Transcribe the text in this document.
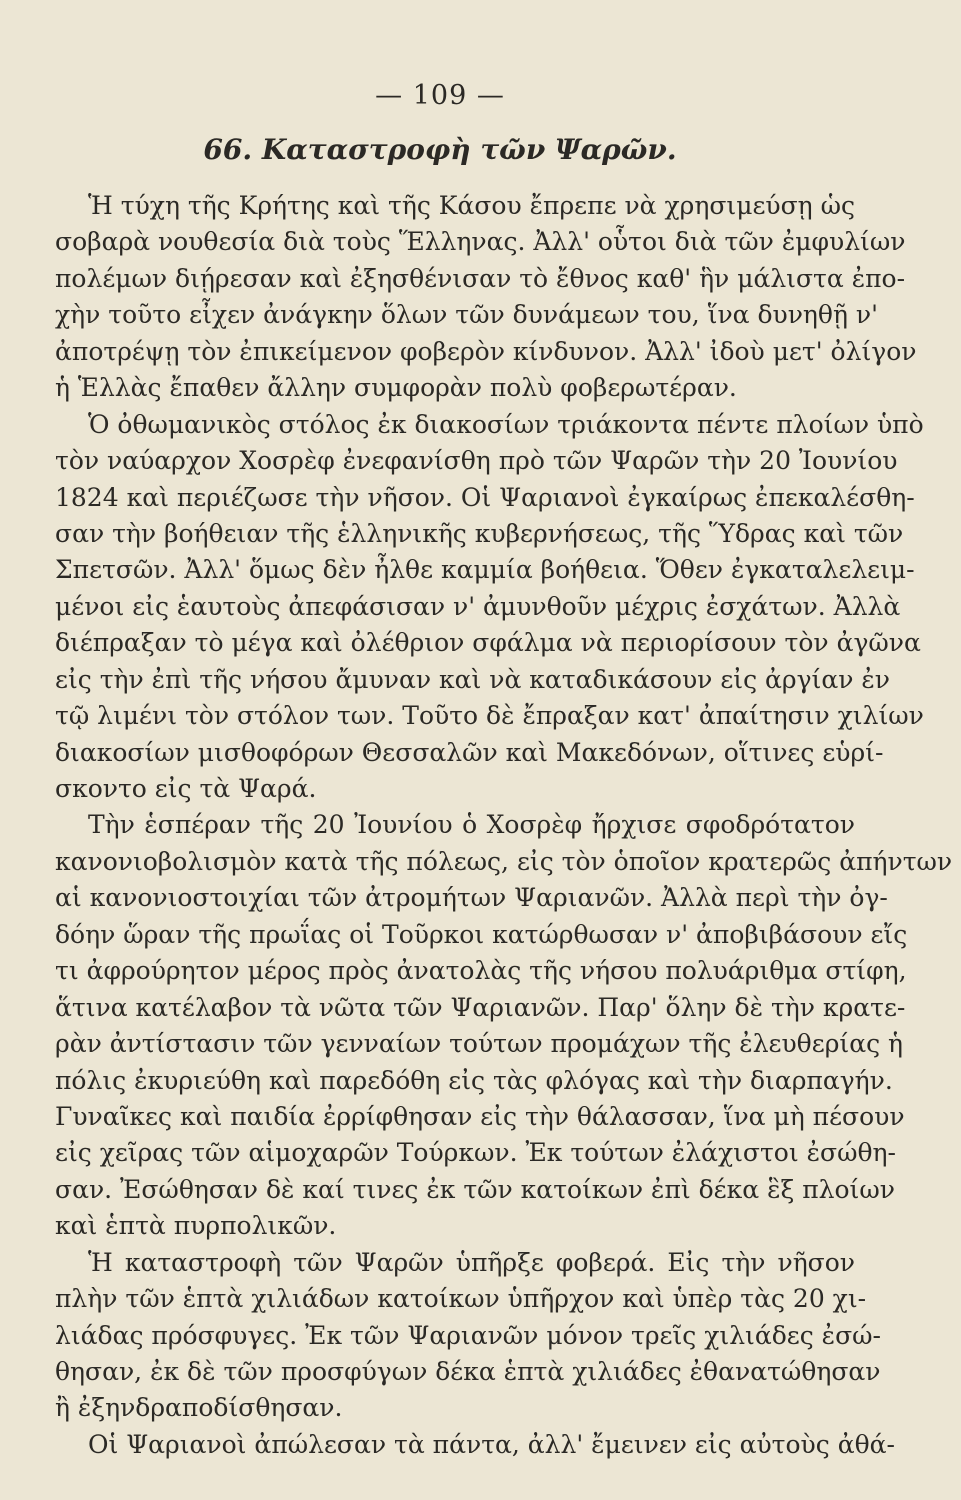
— 109 —
66. Καταστροφὴ τῶν Ψαρῶν.
Ἡ τύχη τῆς Κρήτης καὶ τῆς Κάσου ἔπρεπε νὰ χρησιμεύσῃ ὡς
σοβαρὰ νουθεσία διὰ τοὺς Ἕλληνας. Ἀλλ' οὗτοι διὰ τῶν ἐμφυλίων
πολέμων διῄρεσαν καὶ ἐξησθένισαν τὸ ἔθνος καθ' ἣν μάλιστα ἐπο-
χὴν τοῦτο εἶχεν ἀνάγκην ὅλων τῶν δυνάμεων του, ἵνα δυνηθῇ ν'
ἀποτρέψῃ τὸν ἐπικείμενον φοβερὸν κίνδυνον. Ἀλλ' ἰδοὺ μετ' ὀλίγον
ἡ Ἑλλὰς ἔπαθεν ἄλλην συμφορὰν πολὺ φοβερωτέραν.
Ὁ ὀθωμανικὸς στόλος ἐκ διακοσίων τριάκοντα πέντε πλοίων ὑπὸ
τὸν ναύαρχον Χοσρὲφ ἐνεφανίσθη πρὸ τῶν Ψαρῶν τὴν 20 Ἰουνίου
1824 καὶ περιέζωσε τὴν νῆσον. Οἱ Ψαριανοὶ ἐγκαίρως ἐπεκαλέσθη-
σαν τὴν βοήθειαν τῆς ἑλληνικῆς κυβερνήσεως, τῆς Ὕδρας καὶ τῶν
Σπετσῶν. Ἀλλ' ὅμως δὲν ἦλθε καμμία βοήθεια. Ὅθεν ἐγκαταλελειμ-
μένοι εἰς ἑαυτοὺς ἀπεφάσισαν ν' ἀμυνθοῦν μέχρις ἐσχάτων. Ἀλλὰ
διέπραξαν τὸ μέγα καὶ ὀλέθριον σφάλμα νὰ περιορίσουν τὸν ἀγῶνα
εἰς τὴν ἐπὶ τῆς νήσου ἄμυναν καὶ νὰ καταδικάσουν εἰς ἀργίαν ἐν
τῷ λιμένι τὸν στόλον των. Τοῦτο δὲ ἔπραξαν κατ' ἀπαίτησιν χιλίων
διακοσίων μισθοφόρων Θεσσαλῶν καὶ Μακεδόνων, οἵτινες εὑρί-
σκοντο εἰς τὰ Ψαρά.
Τὴν ἑσπέραν τῆς 20 Ἰουνίου ὁ Χοσρὲφ ἤρχισε σφοδρότατον
κανονιοβολισμὸν κατὰ τῆς πόλεως, εἰς τὸν ὁποῖον κρατερῶς ἀπήντων
αἱ κανονιοστοιχίαι τῶν ἀτρομήτων Ψαριανῶν. Ἀλλὰ περὶ τὴν ὀγ-
δόην ὥραν τῆς πρωΐας οἱ Τοῦρκοι κατώρθωσαν ν' ἀποβιβάσουν εἴς
τι ἀφρούρητον μέρος πρὸς ἀνατολὰς τῆς νήσου πολυάριθμα στίφη,
ἅτινα κατέλαβον τὰ νῶτα τῶν Ψαριανῶν. Παρ' ὅλην δὲ τὴν κρατε-
ρὰν ἀντίστασιν τῶν γενναίων τούτων προμάχων τῆς ἐλευθερίας ἡ
πόλις ἐκυριεύθη καὶ παρεδόθη εἰς τὰς φλόγας καὶ τὴν διαρπαγήν.
Γυναῖκες καὶ παιδία ἐρρίφθησαν εἰς τὴν θάλασσαν, ἵνα μὴ πέσουν
εἰς χεῖρας τῶν αἱμοχαρῶν Τούρκων. Ἐκ τούτων ἐλάχιστοι ἐσώθη-
σαν. Ἐσώθησαν δὲ καί τινες ἐκ τῶν κατοίκων ἐπὶ δέκα ἓξ πλοίων
καὶ ἑπτὰ πυρπολικῶν.
Ἡ καταστροφὴ τῶν Ψαρῶν ὑπῆρξε φοβερά. Εἰς τὴν νῆσον
πλὴν τῶν ἑπτὰ χιλιάδων κατοίκων ὑπῆρχον καὶ ὑπὲρ τὰς 20 χι-
λιάδας πρόσφυγες. Ἐκ τῶν Ψαριανῶν μόνον τρεῖς χιλιάδες ἐσώ-
θησαν, ἐκ δὲ τῶν προσφύγων δέκα ἑπτὰ χιλιάδες ἐθανατώθησαν
ἢ ἐξηνδραποδίσθησαν.
Οἱ Ψαριανοὶ ἀπώλεσαν τὰ πάντα, ἀλλ' ἔμεινεν εἰς αὐτοὺς ἀθά-
